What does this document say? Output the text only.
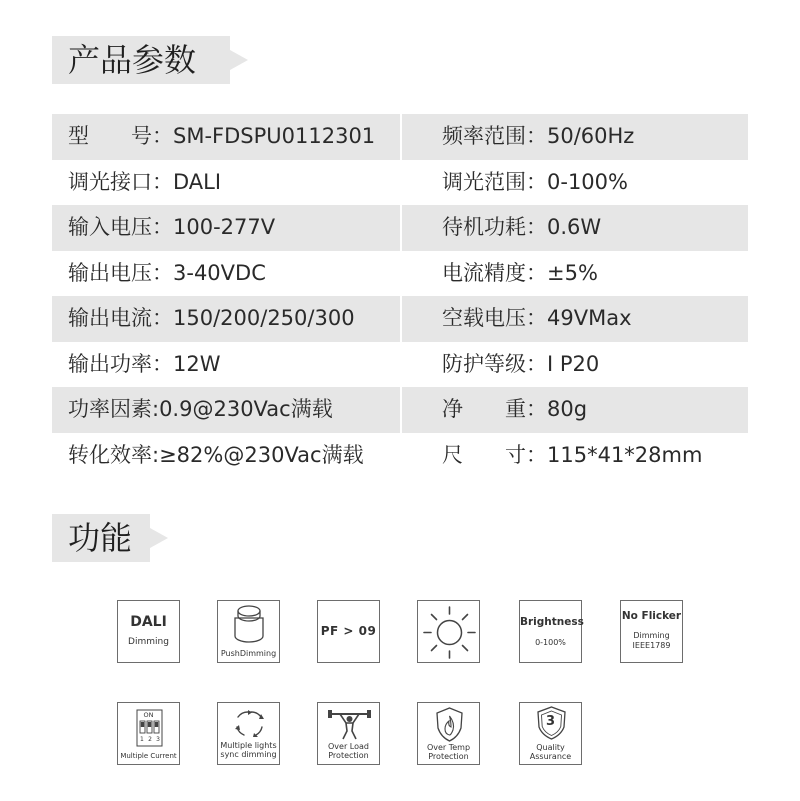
产品参数
型　　号：SM-FDSPU0112301	频率范围：50/60Hz
调光接口：DALI	调光范围：0-100%
输入电压：100-277V	待机功耗：0.6W
输出电压：3-40VDC	电流精度：±5%
输出电流：150/200/250/300	空载电压：49VMax
输出功率：12W	防护等级：I P20
功率因素:0.9@230Vac满载	净　　重：80g
转化效率:≥82%@230Vac满载	尺　　寸：115*41*28mm
功能
DALI
Dimming
PushDimming
PF > 09
Brightness
0-100%
No Flicker
Dimming
IEEE1789
ON
1 2 3
Multiple Current
Multiple lights
sync dimming
Over Load
Protection
Over Temp
Protection
3
Quality
Assurance
